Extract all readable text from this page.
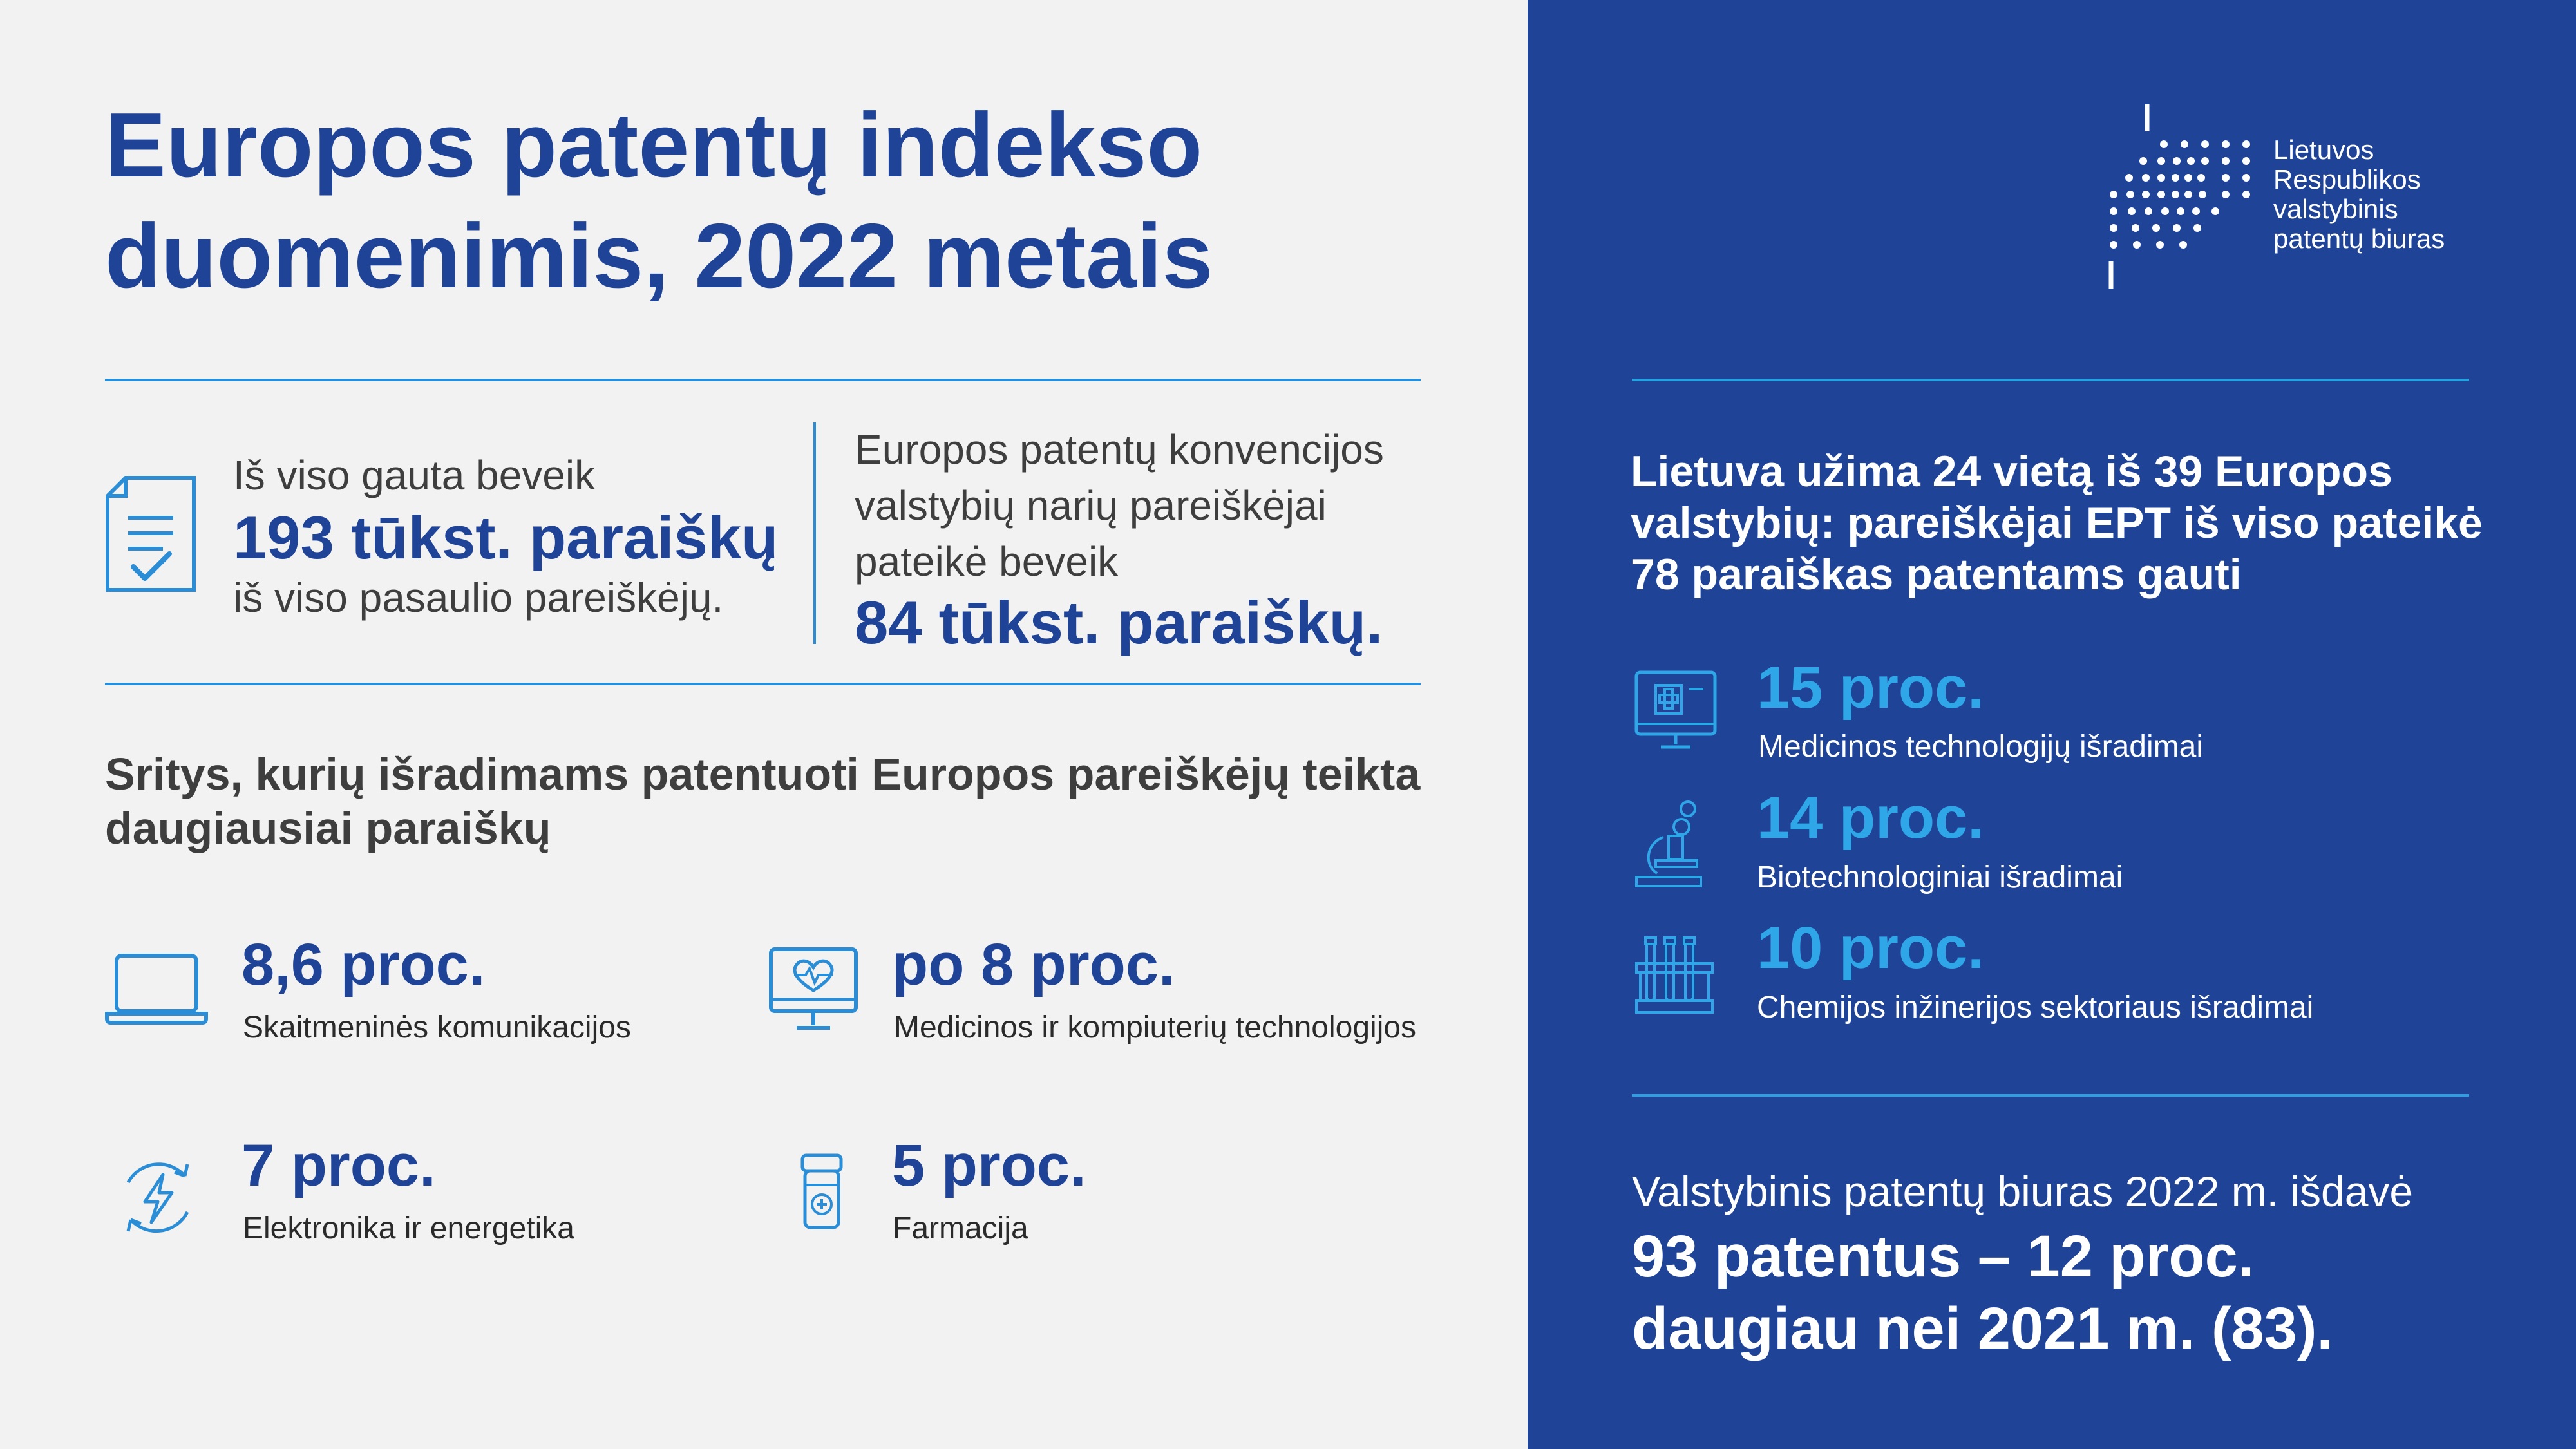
Europos patentų indekso
duomenimis, 2022 metais
Iš viso gauta beveik
193 tūkst. paraiškų
iš viso pasaulio pareiškėjų.
Europos patentų konvencijos
valstybių narių pareiškėjai
pateikė beveik
84 tūkst. paraiškų.
Sritys, kurių išradimams patentuoti Europos pareiškėjų teikta
daugiausiai paraiškų
8,6 proc.
Skaitmeninės komunikacijos
po 8 proc.
Medicinos ir kompiuterių technologijos
7 proc.
Elektronika ir energetika
5 proc.
Farmacija
Lietuvos
Respublikos
valstybinis
patentų biuras
Lietuva užima 24 vietą iš 39 Europos
valstybių: pareiškėjai EPT iš viso pateikė
78 paraiškas patentams gauti
15 proc.
Medicinos technologijų išradimai
14 proc.
Biotechnologiniai išradimai
10 proc.
Chemijos inžinerijos sektoriaus išradimai
Valstybinis patentų biuras 2022 m. išdavė
93 patentus – 12 proc.
daugiau nei 2021 m. (83).
